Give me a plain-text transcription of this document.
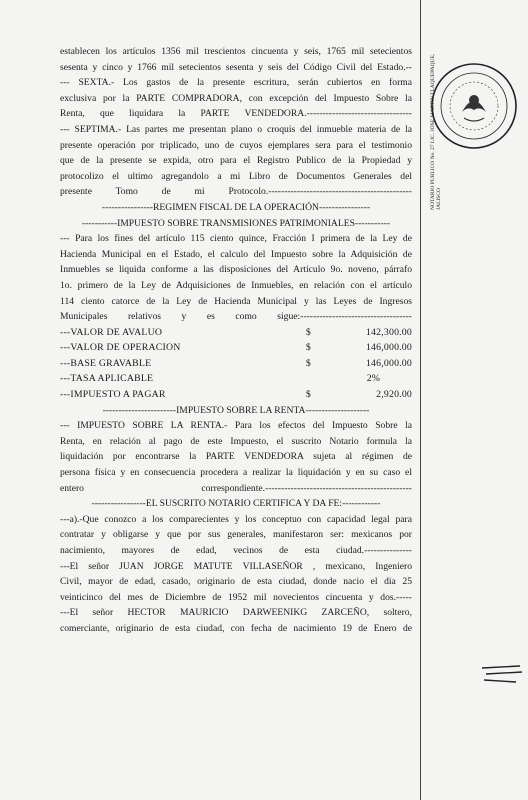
NOTARIO PUBLICO No. 27 LIC. JOSE MARTIN TLAQUEPAQUE, JALISCO
establecen los artículos 1356 mil trescientos cincuenta y seis, 1765 mil setecientos
sesenta y cinco y 1766 mil setecientos sesenta y seis del Código Civil del Estado.--
--- SEXTA.- Los gastos de la presente escritura, serán cubiertos en forma
exclusiva por la PARTE COMPRADORA, con excepción del Impuesto Sobre la
Renta, que liquidara la PARTE VENDEDORA.---------------------------------
--- SEPTIMA.- Las partes me presentan plano o croquis del inmueble materia de la
presente operación por triplicado, uno de cuyos ejemplares sera para el testimonio
que de la presente se expida, otro para el Registro Publico de la Propiedad y
protocolizo el ultimo agregandolo a mi Libro de Documentos Generales del
presente Tomo de mi Protocolo.---------------------------------------------
----------------REGIMEN FISCAL DE LA OPERACIÓN----------------
-----------IMPUESTO SOBRE TRANSMISIONES PATRIMONIALES-----------
--- Para los fines del artículo 115 ciento quince, Fracción I primera de la Ley de
Hacienda Municipal en el Estado, el calculo del Impuesto sobre la Adquisición de
Inmuebles se liquida conforme a las disposiciones del Artículo 9o. noveno, párrafo
1o. primero de la Ley de Adquisiciones de Inmuebles, en relación con el artículo
114 ciento catorce de la Ley de Hacienda Municipal y las Leyes de Ingresos
Municipales relativos y es como sigue:-----------------------------------
---VALOR DE AVALUO	$	142,300.00
---VALOR DE OPERACION	$	146,000.00
---BASE GRAVABLE	$	146,000.00
---TASA APLICABLE	2%
---IMPUESTO A PAGAR	$	2,920.00
-----------------------IMPUESTO SOBRE LA RENTA--------------------
--- IMPUESTO SOBRE LA RENTA.- Para los efectos del Impuesto Sobre la
Renta, en relación al pago de este Impuesto, el suscrito Notario formula la
liquidación por encontrarse la PARTE VENDEDORA sujeta al régimen de
persona física y en consecuencia procedera a realizar la liquidación y en su caso el
entero correspondiente.----------------------------------------------
-----------------EL SUSCRITO NOTARIO CERTIFICA Y DA FE:------------
---a).-Que conozco a los comparecientes y los conceptuo con capacidad legal para
contratar y obligarse y que por sus generales, manifestaron ser: mexicanos por
nacimiento, mayores de edad, vecinos de esta ciudad.---------------
---El señor JUAN JORGE MATUTE VILLASEÑOR , mexicano, Ingeniero
Civil, mayor de edad, casado, originario de esta ciudad, donde nacio el dia 25
veinticinco del mes de Diciembre de 1952 mil novecientos cincuenta y dos.-----
---El señor HECTOR MAURICIO DARWEENIKG ZARCEÑO, soltero,
comerciante, originario de esta ciudad, con fecha de nacimiento 19 de Enero de
